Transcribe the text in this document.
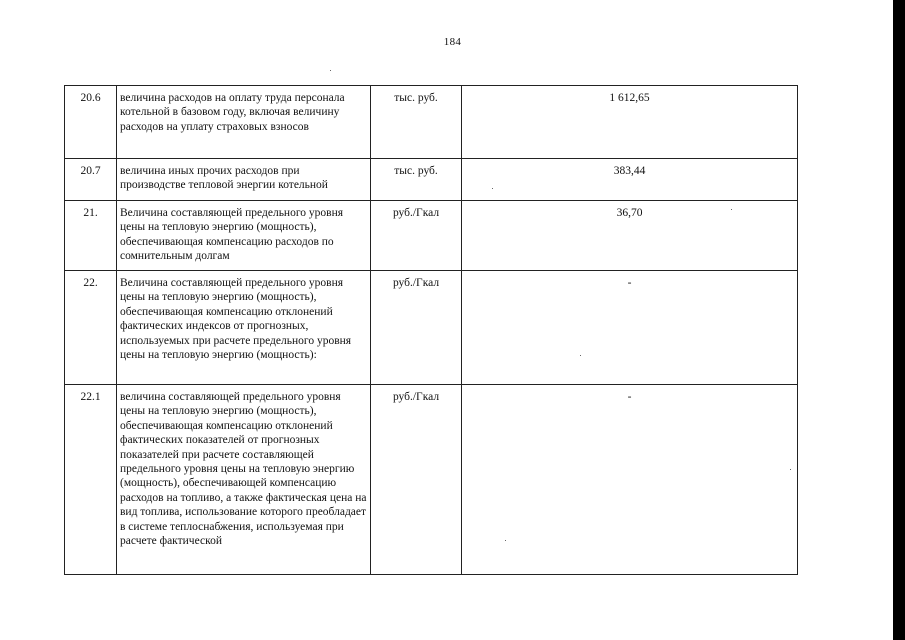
184
20.6	величина расходов на оплату труда персонала котельной в базовом году, включая величину расходов на уплату страховых взносов	тыс. руб.	1 612,65
20.7	величина иных прочих расходов при производстве тепловой энергии котельной	тыс. руб.	383,44
21.	Величина составляющей предельного уровня цены на тепловую энергию (мощность), обеспечивающая компенсацию расходов по сомнительным долгам	руб./Гкал	36,70
22.	Величина составляющей предельного уровня цены на тепловую энергию (мощность), обеспечивающая компенсацию отклонений фактических индексов от прогнозных, используемых при расчете предельного уровня цены на тепловую энергию (мощность):	руб./Гкал	-
22.1	величина составляющей предельного уровня цены на тепловую энергию (мощность), обеспечивающая компенсацию отклонений фактических показателей от прогнозных показателей при расчете составляющей предельного уровня цены на тепловую энергию (мощность), обеспечивающей компенсацию расходов на топливо, а также фактическая цена на вид топлива, использование которого преобладает в системе теплоснабжения, используемая при расчете фактической	руб./Гкал	-
